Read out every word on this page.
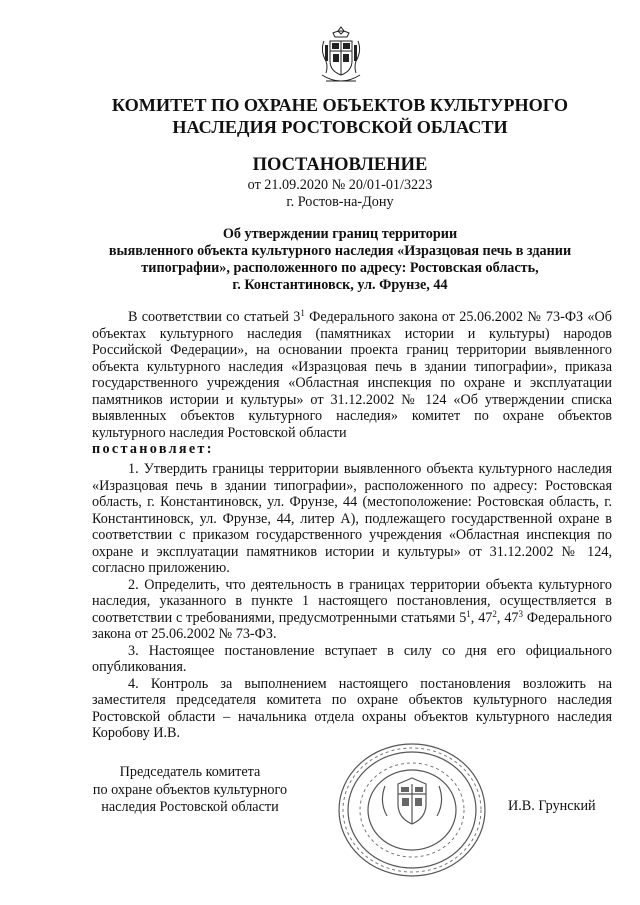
КОМИТЕТ ПО ОХРАНЕ ОБЪЕКТОВ КУЛЬТУРНОГО
НАСЛЕДИЯ РОСТОВСКОЙ ОБЛАСТИ
ПОСТАНОВЛЕНИЕ
от 21.09.2020 № 20/01-01/3223
г. Ростов-на-Дону
Об утверждении границ территории
выявленного объекта культурного наследия «Изразцовая печь в здании
типографии», расположенного по адресу: Ростовская область,
г. Константиновск, ул. Фрунзе, 44

В соответствии со статьей $3^1$ Федерального закона от 25.06.2002 № 73-ФЗ «Об объектах культурного наследия (памятниках истории и культуры) народов Российской Федерации», на основании проекта границ территории выявленного объекта культурного наследия «Изразцовая печь в здании типографии», приказа государственного учреждения «Областная инспекция по охране и эксплуатации памятников истории и культуры» от 31.12.2002 № 124 «Об утверждении списка выявленных объектов культурного наследия» комитет по охране объектов культурного наследия Ростовской области

постановляет:

1. Утвердить границы территории выявленного объекта культурного наследия «Изразцовая печь в здании типографии», расположенного по адресу: Ростовская область, г. Константиновск, ул. Фрунзе, 44 (местоположение: Ростовская область, г. Константиновск, ул. Фрунзе, 44, литер А), подлежащего государственной охране в соответствии с приказом государственного учреждения «Областная инспекция по охране и эксплуатации памятников истории и культуры» от 31.12.2002 № 124, согласно приложению.

2. Определить, что деятельность в границах территории объекта культурного наследия, указанного в пункте 1 настоящего постановления, осуществляется в соответствии с требованиями, предусмотренными статьями $5^1$, $47^2$, $47^3$ Федерального закона от 25.06.2002 № 73-ФЗ.

3. Настоящее постановление вступает в силу со дня его официального опубликования.

4. Контроль за выполнением настоящего постановления возложить на заместителя председателя комитета по охране объектов культурного наследия Ростовской области – начальника отдела охраны объектов культурного наследия Коробову И.В.

Председатель комитета
по охране объектов культурного
наследия Ростовской области	И.В. Грунский
